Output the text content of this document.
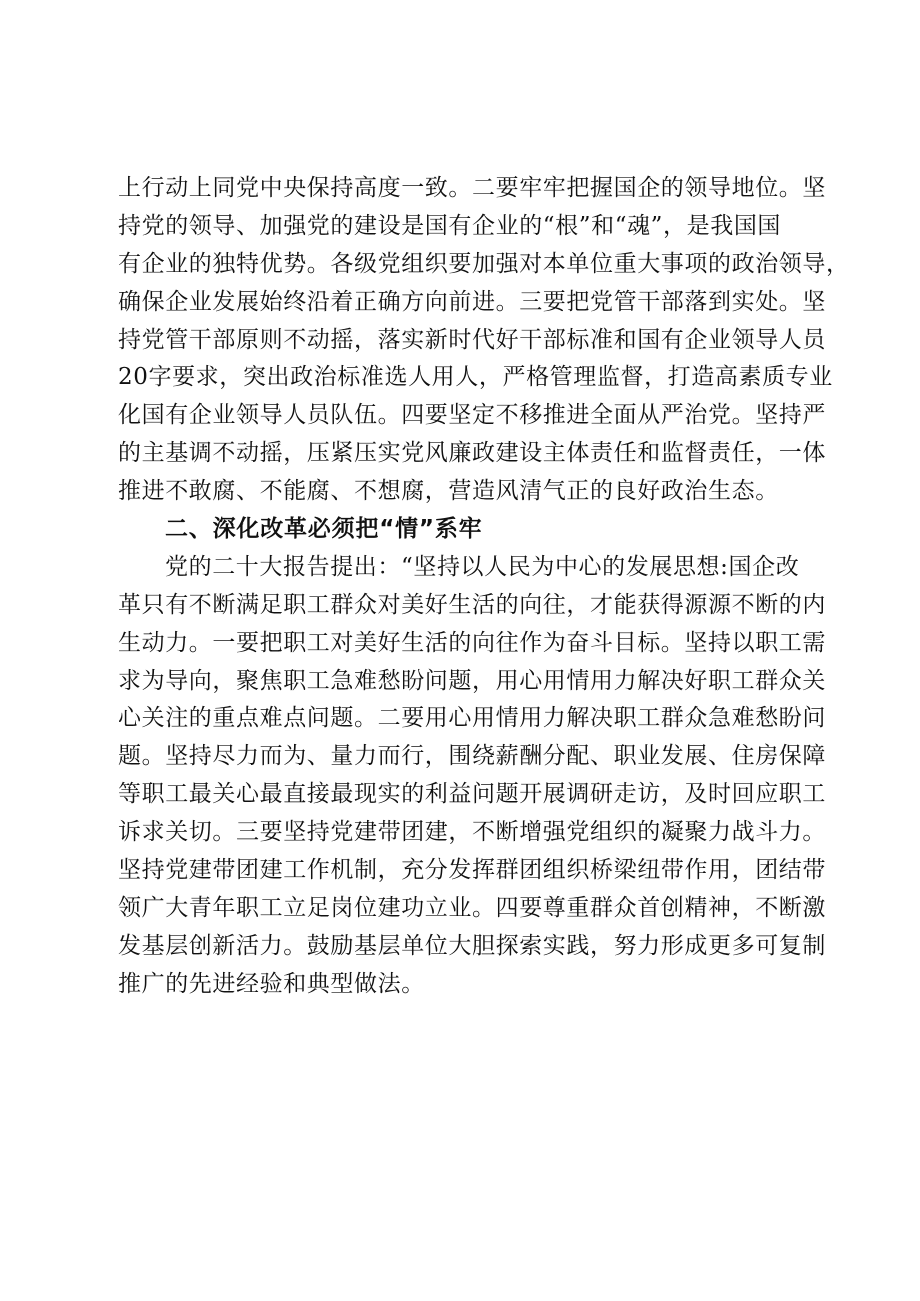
上行动上同党中央保持高度一致。二要牢牢把握国企的领导地位。坚
持党的领导、加强党的建设是国有企业的“根”和“魂”，是我国国
有企业的独特优势。各级党组织要加强对本单位重大事项的政治领导，
确保企业发展始终沿着正确方向前进。三要把党管干部落到实处。坚
持党管干部原则不动摇，落实新时代好干部标准和国有企业领导人员
20字要求，突出政治标准选人用人，严格管理监督，打造高素质专业
化国有企业领导人员队伍。四要坚定不移推进全面从严治党。坚持严
的主基调不动摇，压紧压实党风廉政建设主体责任和监督责任，一体
推进不敢腐、不能腐、不想腐，营造风清气正的良好政治生态。
二、深化改革必须把“情”系牢
党的二十大报告提出：“坚持以人民为中心的发展思想:国企改
革只有不断满足职工群众对美好生活的向往，才能获得源源不断的内
生动力。一要把职工对美好生活的向往作为奋斗目标。坚持以职工需
求为导向，聚焦职工急难愁盼问题，用心用情用力解决好职工群众关
心关注的重点难点问题。二要用心用情用力解决职工群众急难愁盼问
题。坚持尽力而为、量力而行，围绕薪酬分配、职业发展、住房保障
等职工最关心最直接最现实的利益问题开展调研走访，及时回应职工
诉求关切。三要坚持党建带团建，不断增强党组织的凝聚力战斗力。
坚持党建带团建工作机制，充分发挥群团组织桥梁纽带作用，团结带
领广大青年职工立足岗位建功立业。四要尊重群众首创精神，不断激
发基层创新活力。鼓励基层单位大胆探索实践，努力形成更多可复制
推广的先进经验和典型做法。
